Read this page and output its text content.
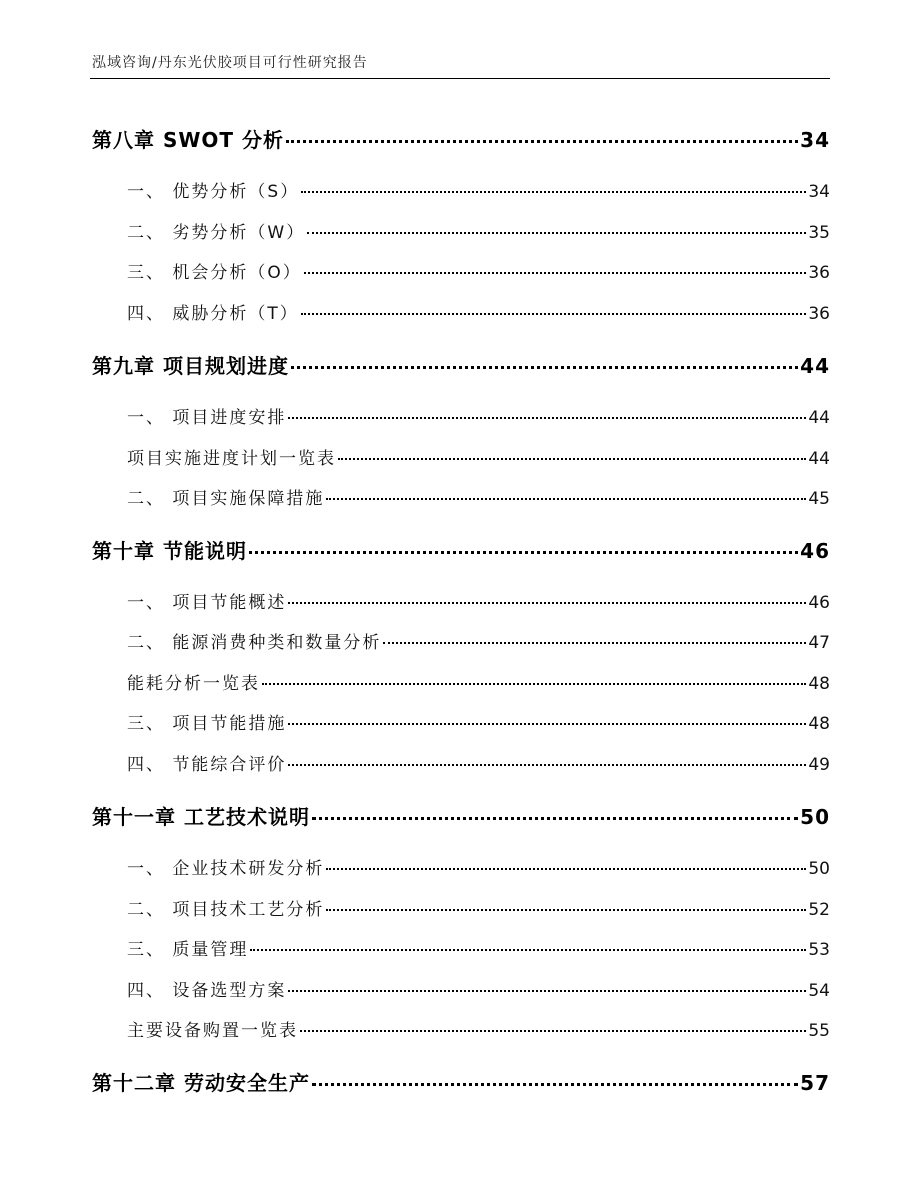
泓域咨询/丹东光伏胶项目可行性研究报告
第八章 SWOT 分析	34
一、 优势分析（S）	34
二、 劣势分析（W）	35
三、 机会分析（O）	36
四、 威胁分析（T）	36
第九章 项目规划进度	44
一、 项目进度安排	44
项目实施进度计划一览表	44
二、 项目实施保障措施	45
第十章 节能说明	46
一、 项目节能概述	46
二、 能源消费种类和数量分析	47
能耗分析一览表	48
三、 项目节能措施	48
四、 节能综合评价	49
第十一章 工艺技术说明	50
一、 企业技术研发分析	50
二、 项目技术工艺分析	52
三、 质量管理	53
四、 设备选型方案	54
主要设备购置一览表	55
第十二章 劳动安全生产	57
